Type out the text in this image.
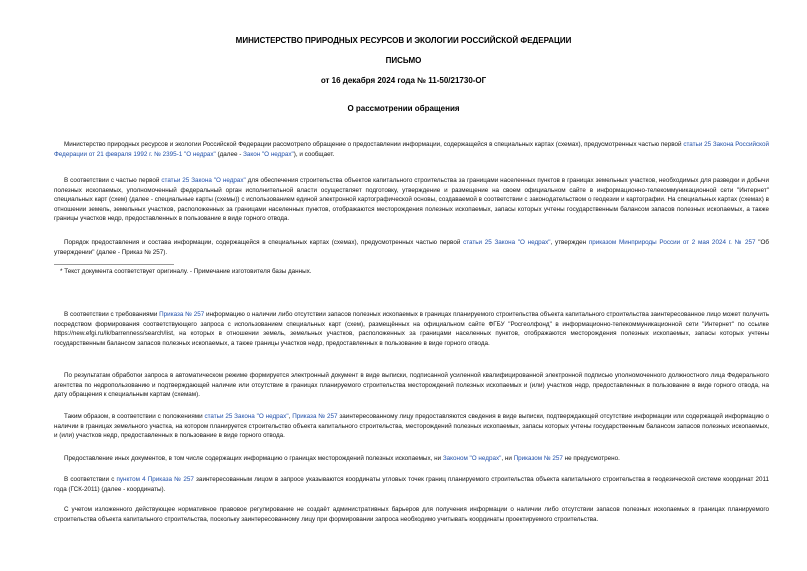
МИНИСТЕРСТВО ПРИРОДНЫХ РЕСУРСОВ И ЭКОЛОГИИ РОССИЙСКОЙ ФЕДЕРАЦИИ
ПИСЬМО
от 16 декабря 2024 года № 11-50/21730-ОГ
О рассмотрении обращения

Министерство природных ресурсов и экологии Российской Федерации рассмотрело обращение о предоставлении информации, содержащейся в специальных картах (схемах), предусмотренных частью первой статьи 25 Закона Российской Федерации от 21 февраля 1992 г. № 2395-1 "О недрах" (далее - Закон "О недрах"), и сообщает.

В соответствии с частью первой статьи 25 Закона "О недрах" для обеспечения строительства объектов капитального строительства за границами населенных пунктов в границах земельных участков, необходимых для разведки и добычи полезных ископаемых, уполномоченный федеральный орган исполнительной власти осуществляет подготовку, утверждение и размещение на своем официальном сайте в информационно-телекоммуникационной сети "Интернет" специальных карт (схем) (далее - специальные карты (схемы)) с использованием единой электронной картографической основы, создаваемой в соответствии с законодательством о геодезии и картографии. На специальных картах (схемах) в отношении земель, земельных участков, расположенных за границами населенных пунктов, отображаются месторождения полезных ископаемых, запасы которых учтены государственным балансом запасов полезных ископаемых, а также границы участков недр, предоставленных в пользование в виде горного отвода.

Порядок предоставления и состава информации, содержащейся в специальных картах (схемах), предусмотренных частью первой статьи 25 Закона "О недрах", утвержден приказом Минприроды России от 2 мая 2024 г. № 257 "Об утверждении" (далее - Приказ № 257).

* Текст документа соответствует оригиналу. - Примечание изготовителя базы данных.

В соответствии с требованиями Приказа № 257 информацию о наличии либо отсутствии запасов полезных ископаемых в границах планируемого строительства объекта капитального строительства заинтересованное лицо может получить посредством формирования соответствующего запроса с использованием специальных карт (схем), размещённых на официальном сайте ФГБУ "Росгеолфонд" в информационно-телекоммуникационной сети "Интернет" по ссылке https://new.efgi.ru/lk/barrenness/search/list, на которых в отношении земель, земельных участков, расположенных за границами населенных пунктов, отображаются месторождения полезных ископаемых, запасы которых учтены государственным балансом запасов полезных ископаемых, а также границы участков недр, предоставленных в пользование в виде горного отвода.

По результатам обработки запроса в автоматическом режиме формируется электронный документ в виде выписки, подписанной усиленной квалифицированной электронной подписью уполномоченного должностного лица Федерального агентства по недропользованию и подтверждающей наличие или отсутствие в границах планируемого строительства месторождений полезных ископаемых и (или) участков недр, предоставленных в пользование в виде горного отвода, на дату обращения к специальным картам (схемам).

Таким образом, в соответствии с положениями статьи 25 Закона "О недрах", Приказа № 257 заинтересованному лицу предоставляются сведения в виде выписки, подтверждающей отсутствие информации или содержащей информацию о наличии в границах земельного участка, на котором планируется строительство объекта капитального строительства, месторождений полезных ископаемых, запасы которых учтены государственным балансом запасов полезных ископаемых, и (или) участков недр, предоставленных в пользование в виде горного отвода.

Предоставление иных документов, в том числе содержащих информацию о границах месторождений полезных ископаемых, ни Законом "О недрах", ни Приказом № 257 не предусмотрено.

В соответствии с пунктом 4 Приказа № 257 заинтересованным лицом в запросе указываются координаты угловых точек границ планируемого строительства объекта капитального строительства в геодезической системе координат 2011 года (ГСК-2011) (далее - координаты).

С учетом изложенного действующее нормативное правовое регулирование не создаёт административных барьеров для получения информации о наличии либо отсутствии запасов полезных ископаемых в границах планируемого строительства объекта капитального строительства, поскольку заинтересованному лицу при формировании запроса необходимо учитывать координаты проектируемого строительства.
